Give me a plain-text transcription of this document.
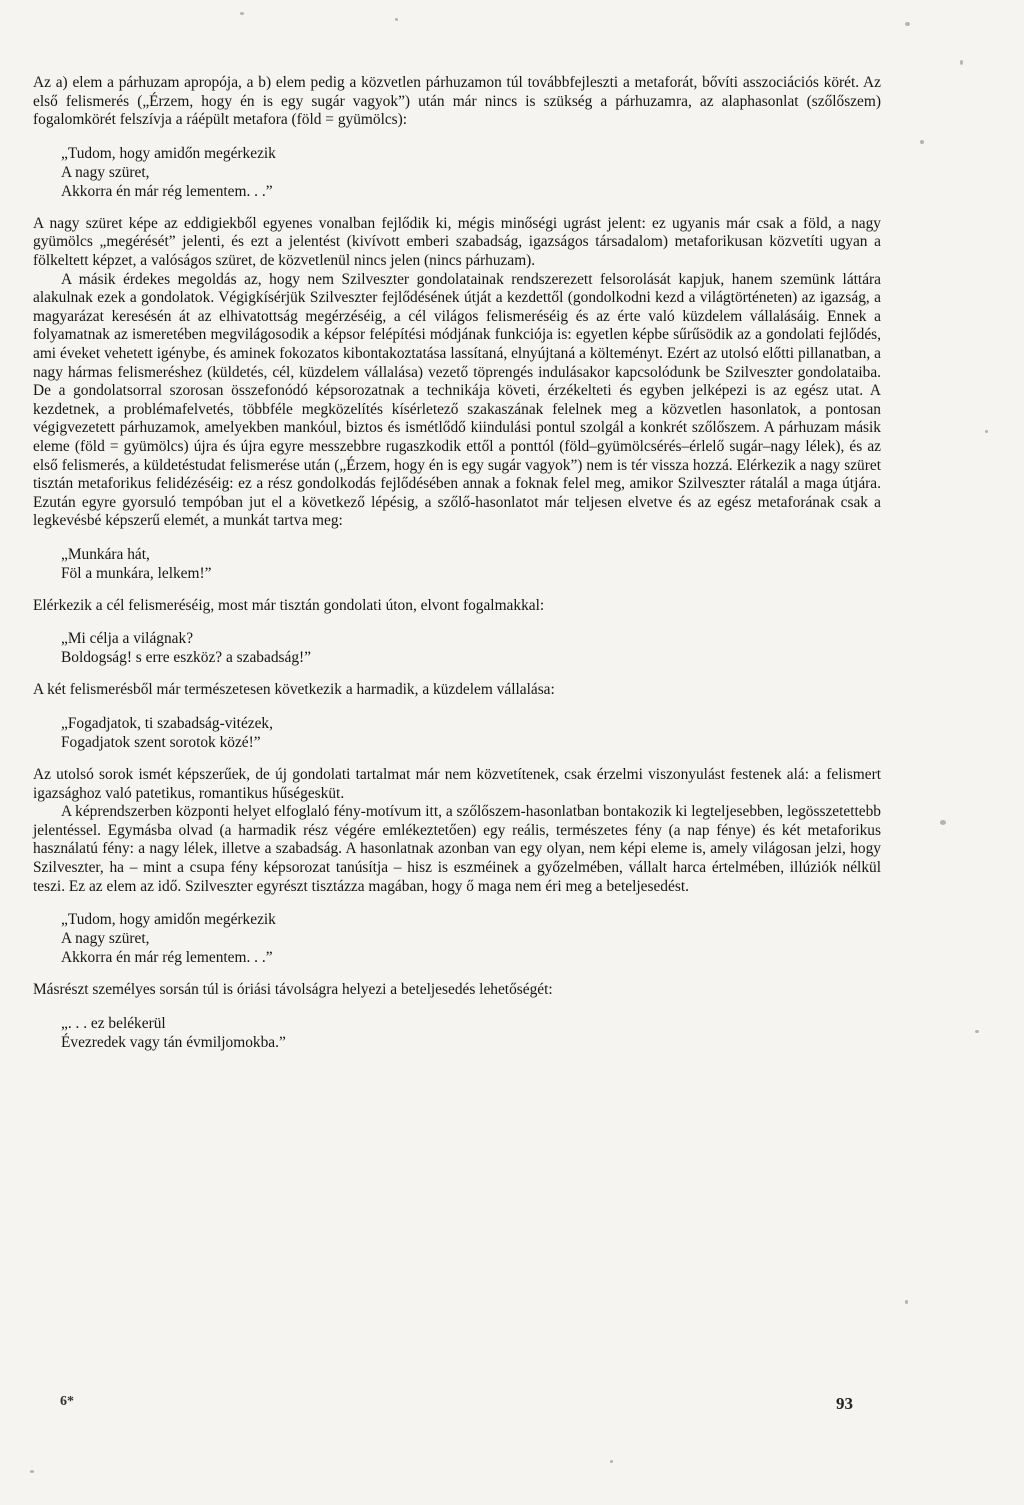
Az a) elem a párhuzam apropója, a b) elem pedig a közvetlen párhuzamon túl továbbfejleszti a metaforát, bővíti asszociációs körét. Az első felismerés („Érzem, hogy én is egy sugár vagyok”) után már nincs is szükség a párhuzamra, az alaphasonlat (szőlőszem) fogalomkörét felszívja a ráépült metafora (föld = gyümölcs):

„Tudom, hogy amidőn megérkezik
A nagy szüret,
Akkorra én már rég lementem. . .”

A nagy szüret képe az eddigiekből egyenes vonalban fejlődik ki, mégis minőségi ugrást jelent: ez ugyanis már csak a föld, a nagy gyümölcs „megérését” jelenti, és ezt a jelentést (kivívott emberi szabadság, igazságos társadalom) metaforikusan közvetíti ugyan a fölkeltett képzet, a valóságos szüret, de közvetlenül nincs jelen (nincs párhuzam).

A másik érdekes megoldás az, hogy nem Szilveszter gondolatainak rendszerezett felsorolását kapjuk, hanem szemünk láttára alakulnak ezek a gondolatok. Végigkísérjük Szilveszter fejlődésének útját a kezdettől (gondolkodni kezd a világtörténeten) az igazság, a magyarázat keresésén át az elhivatottság megérzéséig, a cél világos felismeréséig és az érte való küzdelem vállalásáig. Ennek a folyamatnak az ismeretében megvilágosodik a képsor felépítési módjának funkciója is: egyetlen képbe sűrűsödik az a gondolati fejlődés, ami éveket vehetett igénybe, és aminek fokozatos kibontakoztatása lassítaná, elnyújtaná a költeményt. Ezért az utolsó előtti pillanatban, a nagy hármas felismeréshez (küldetés, cél, küzdelem vállalása) vezető töprengés indulásakor kapcsolódunk be Szilveszter gondolataiba. De a gondolatsorral szorosan összefonódó képsorozatnak a technikája követi, érzékelteti és egyben jelképezi is az egész utat. A kezdetnek, a problémafelvetés, többféle megközelítés kísérletező szakaszának felelnek meg a közvetlen hasonlatok, a pontosan végigvezetett párhuzamok, amelyekben mankóul, biztos és ismétlődő kiindulási pontul szolgál a konkrét szőlőszem. A párhuzam másik eleme (föld = gyümölcs) újra és újra egyre messzebbre rugaszkodik ettől a ponttól (föld–gyümölcsérés–érlelő sugár–nagy lélek), és az első felismerés, a küldetéstudat felismerése után („Érzem, hogy én is egy sugár vagyok”) nem is tér vissza hozzá. Elérkezik a nagy szüret tisztán metaforikus felidézéséig: ez a rész gondolkodás fejlődésében annak a foknak felel meg, amikor Szilveszter rátalál a maga útjára. Ezután egyre gyorsuló tempóban jut el a következő lépésig, a szőlő-hasonlatot már teljesen elvetve és az egész metaforának csak a legkevésbé képszerű elemét, a munkát tartva meg:

„Munkára hát,
Föl a munkára, lelkem!”

Elérkezik a cél felismeréséig, most már tisztán gondolati úton, elvont fogalmakkal:

„Mi célja a világnak?
Boldogság! s erre eszköz? a szabadság!”

A két felismerésből már természetesen következik a harmadik, a küzdelem vállalása:

„Fogadjatok, ti szabadság-vitézek,
Fogadjatok szent sorotok közé!”

Az utolsó sorok ismét képszerűek, de új gondolati tartalmat már nem közvetítenek, csak érzelmi viszonyulást festenek alá: a felismert igazsághoz való patetikus, romantikus hűségesküt.

A képrendszerben központi helyet elfoglaló fény-motívum itt, a szőlőszem-hasonlatban bontakozik ki legteljesebben, legösszetettebb jelentéssel. Egymásba olvad (a harmadik rész végére emlékeztetően) egy reális, természetes fény (a nap fénye) és két metaforikus használatú fény: a nagy lélek, illetve a szabadság. A hasonlatnak azonban van egy olyan, nem képi eleme is, amely világosan jelzi, hogy Szilveszter, ha – mint a csupa fény képsorozat tanúsítja – hisz is eszméinek a győzelmében, vállalt harca értelmében, illúziók nélkül teszi. Ez az elem az idő. Szilveszter egyrészt tisztázza magában, hogy ő maga nem éri meg a beteljesedést.

„Tudom, hogy amidőn megérkezik
A nagy szüret,
Akkorra én már rég lementem. . .”

Másrészt személyes sorsán túl is óriási távolságra helyezi a beteljesedés lehetőségét:

„. . . ez belékerül
Évezredek vagy tán évmiljomokba.”
6*	93
